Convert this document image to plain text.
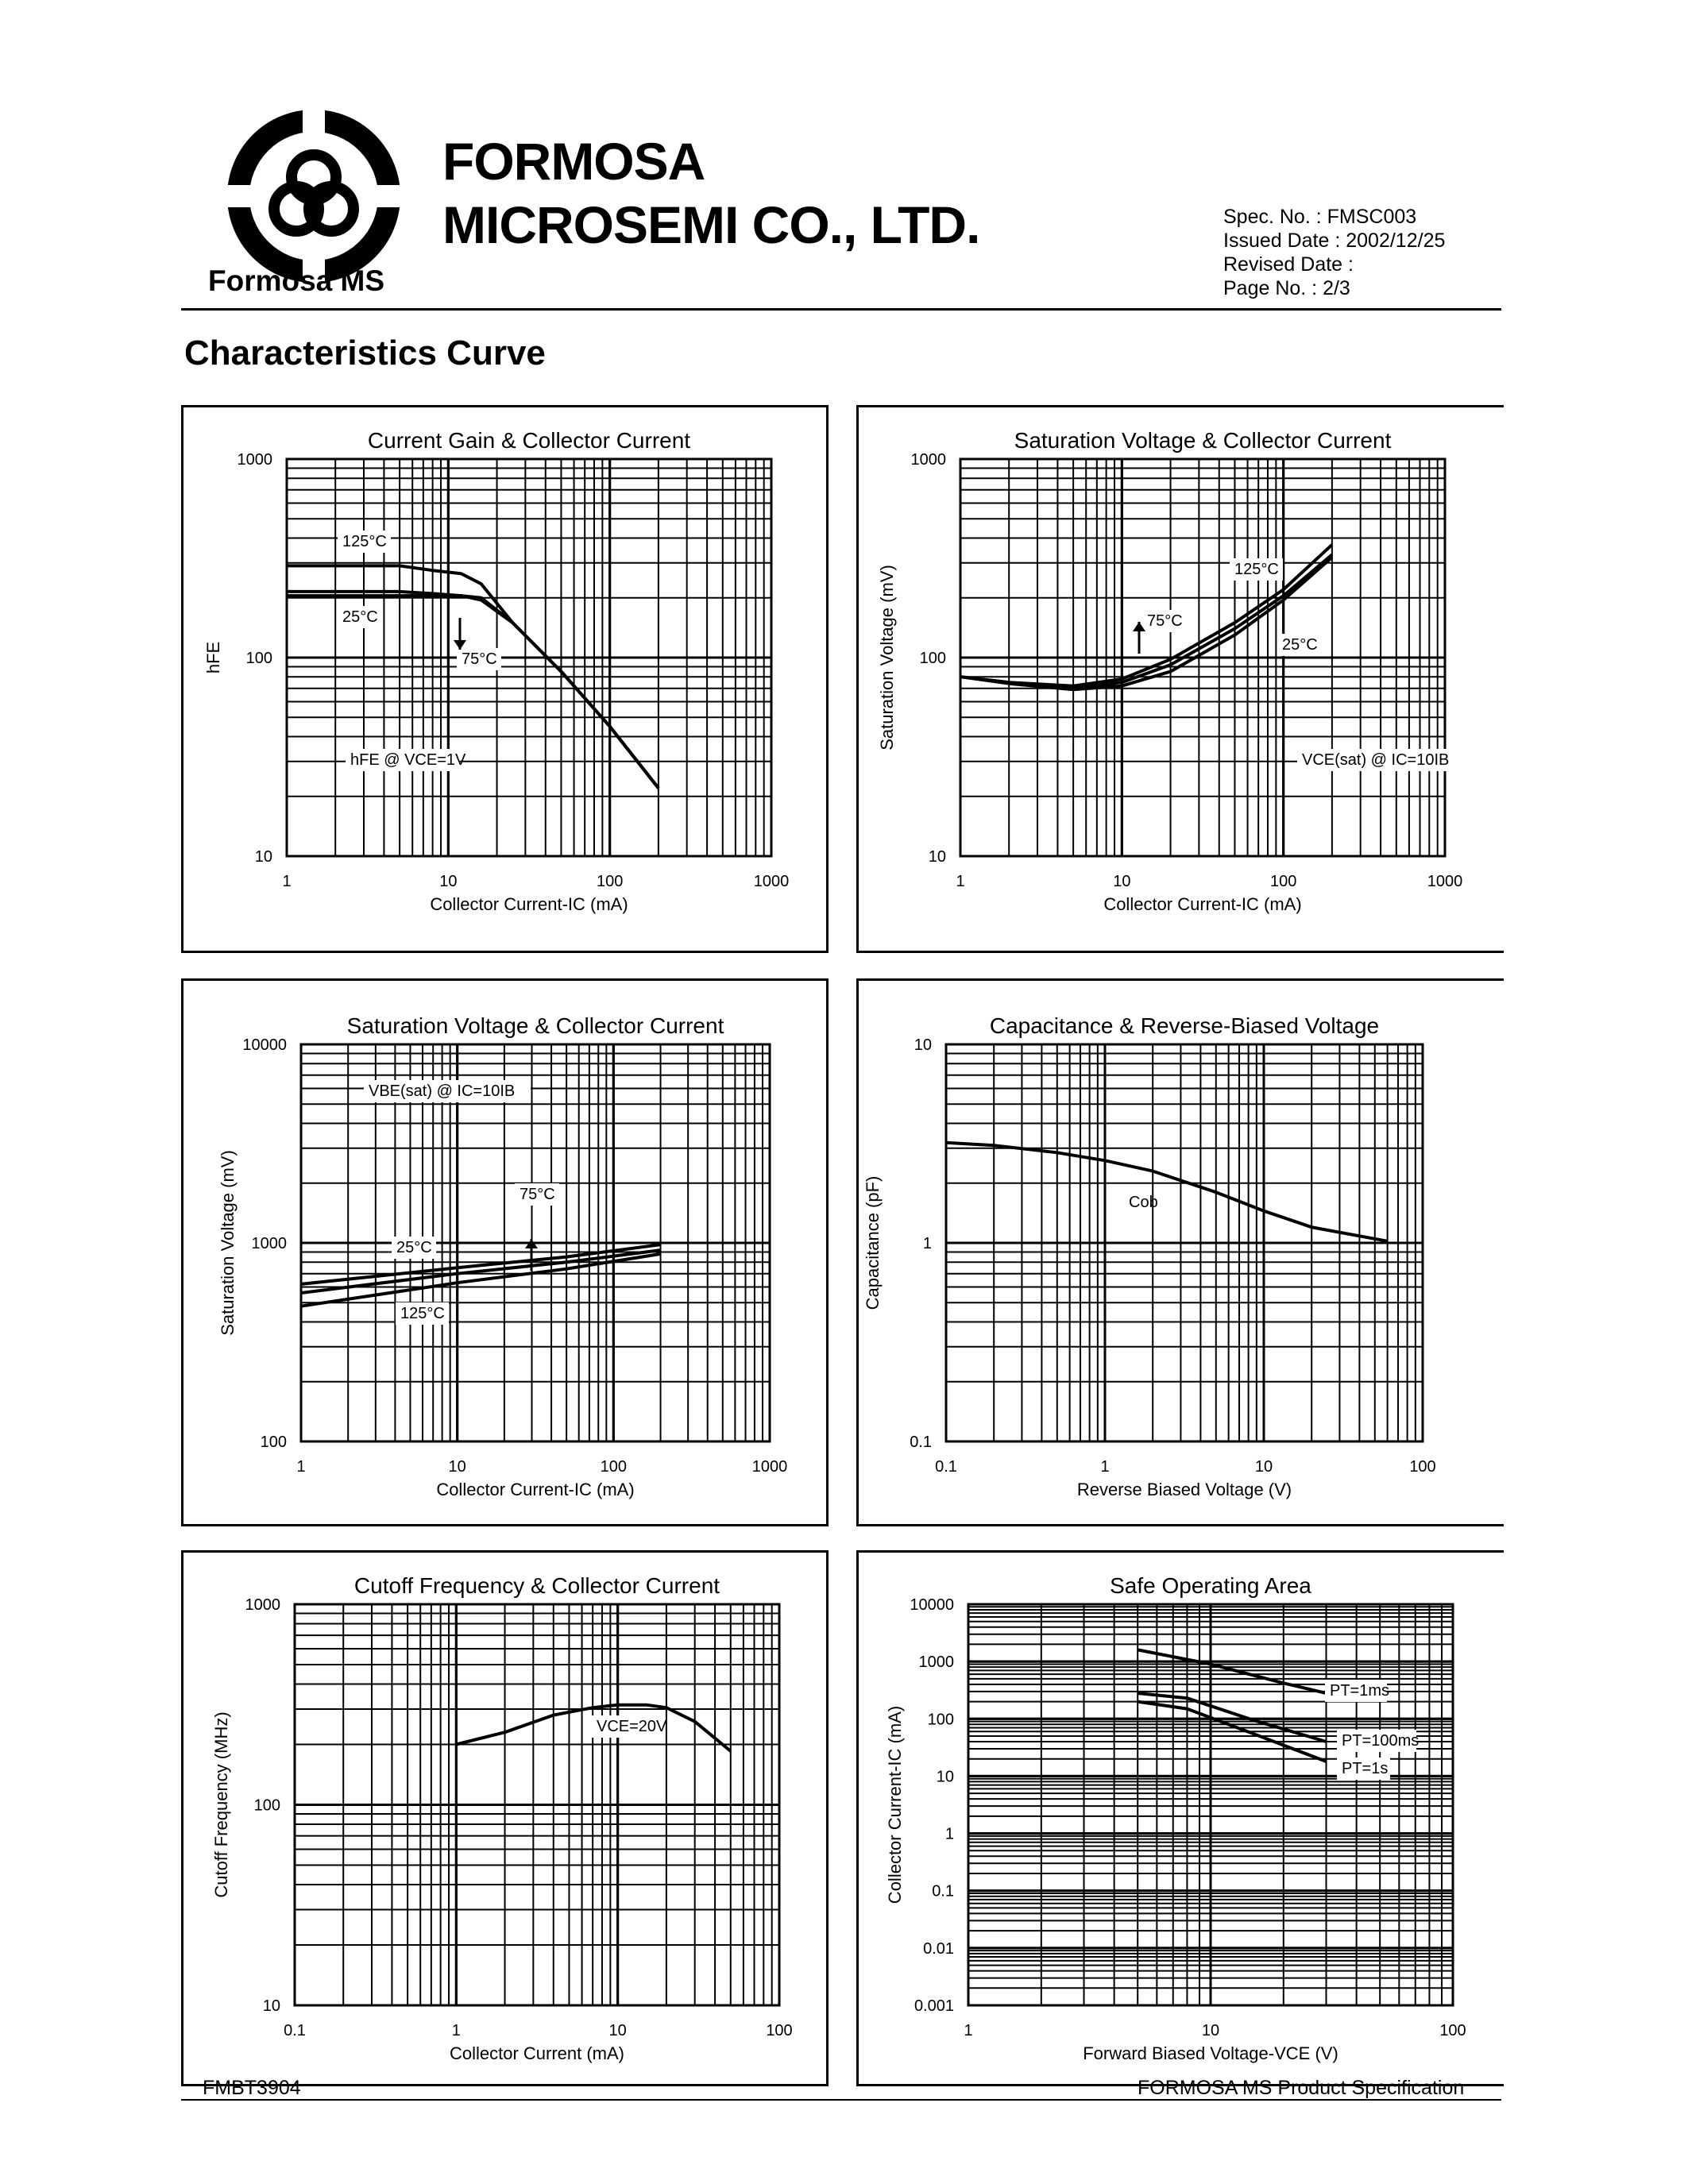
Formosa MS
FORMOSA
MICROSEMI CO., LTD.	Spec. No. : FMSC003
Issued Date : 2002/12/25
Revised Date :
Page No. : 2/3
Characteristics Curve
Current Gain & Collector Current
1	10	100	1000
10
100
1000
Collector Current-IC (mA)
hFE
125°C
25°C
75°C
hFE @ VCE=1V
Saturation Voltage & Collector Current
1	10	100	1000
10
100
1000
Collector Current-IC (mA)
Saturation Voltage (mV)	125°C
75°C
25°C
VCE(sat) @ IC=10IB
Saturation Voltage & Collector Current
1	10	100	1000
100
1000
10000
Collector Current-IC (mA)
Saturation Voltage (mV)
VBE(sat) @ IC=10IB
75°C
25°C
125°C
Capacitance & Reverse-Biased Voltage
0.1	1	10	100
0.1
1
10
Reverse Biased Voltage (V)
Capacitance (pF)	Cob
Cutoff Frequency & Collector Current
0.1	1	10	100
10
100
1000
Collector Current (mA)
Cutoff Frequency (MHz)	VCE=20V
Safe Operating Area
1	10	100
0.001
0.01
0.1
1
10
100
1000
10000
Forward Biased Voltage-VCE (V)
Collector Current-IC (mA)
PT=1ms
PT=100ms
PT=1s
FMBT3904	FORMOSA MS Product Specification
